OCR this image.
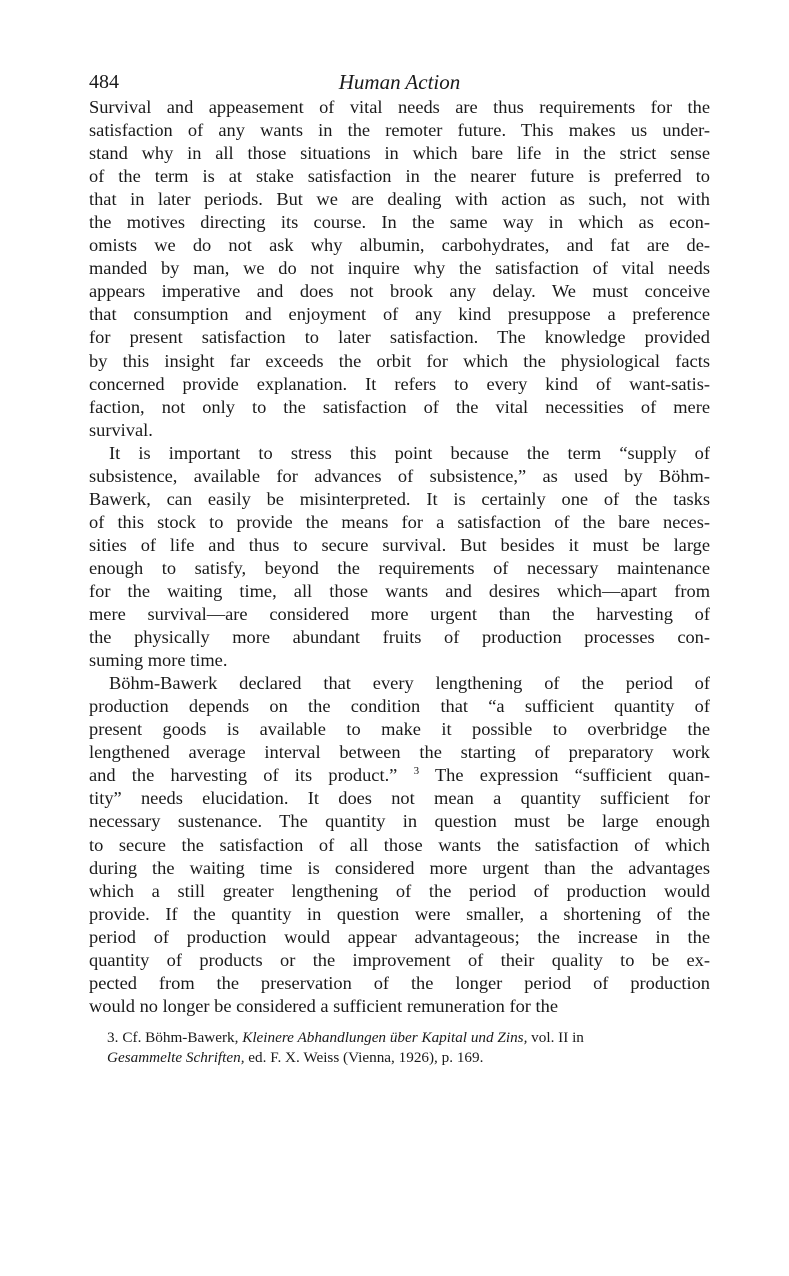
484	Human Action

Survival and appeasement of vital needs are thus requirements for the
satisfaction of any wants in the remoter future. This makes us under-
stand why in all those situations in which bare life in the strict sense
of the term is at stake satisfaction in the nearer future is preferred to
that in later periods. But we are dealing with action as such, not with
the motives directing its course. In the same way in which as econ-
omists we do not ask why albumin, carbohydrates, and fat are de-
manded by man, we do not inquire why the satisfaction of vital needs
appears imperative and does not brook any delay. We must conceive
that consumption and enjoyment of any kind presuppose a preference
for present satisfaction to later satisfaction. The knowledge provided
by this insight far exceeds the orbit for which the physiological facts
concerned provide explanation. It refers to every kind of want-satis-
faction, not only to the satisfaction of the vital necessities of mere
survival.

It is important to stress this point because the term “supply of
subsistence, available for advances of subsistence,” as used by Böhm-
Bawerk, can easily be misinterpreted. It is certainly one of the tasks
of this stock to provide the means for a satisfaction of the bare neces-
sities of life and thus to secure survival. But besides it must be large
enough to satisfy, beyond the requirements of necessary maintenance
for the waiting time, all those wants and desires which—apart from
mere survival—are considered more urgent than the harvesting of
the physically more abundant fruits of production processes con-
suming more time.

Böhm-Bawerk declared that every lengthening of the period of
production depends on the condition that “a sufficient quantity of
present goods is available to make it possible to overbridge the
lengthened average interval between the starting of preparatory work
and the harvesting of its product.” $^3$ The expression “sufficient quan-
tity” needs elucidation. It does not mean a quantity sufficient for
necessary sustenance. The quantity in question must be large enough
to secure the satisfaction of all those wants the satisfaction of which
during the waiting time is considered more urgent than the advantages
which a still greater lengthening of the period of production would
provide. If the quantity in question were smaller, a shortening of the
period of production would appear advantageous; the increase in the
quantity of products or the improvement of their quality to be ex-
pected from the preservation of the longer period of production
would no longer be considered a sufficient remuneration for the

3. Cf. Böhm-Bawerk, Kleinere Abhandlungen über Kapital und Zins, vol. II in
Gesammelte Schriften, ed. F. X. Weiss (Vienna, 1926), p. 169.
